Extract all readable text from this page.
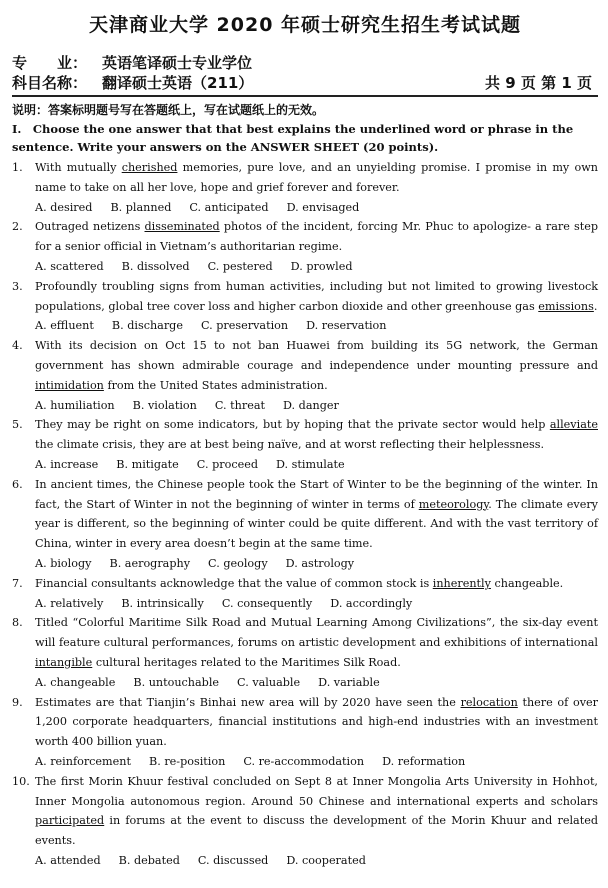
天津商业大学 2020 年硕士研究生招生考试试题
专　　业： 英语笔译硕士专业学位
科目名称： 翻译硕士英语（211）	共 9 页 第 1 页
说明：答案标明题号写在答题纸上，写在试题纸上的无效。
I.　Choose the one answer that that best explains the underlined word or phrase in the sentence. Write your answers on the ANSWER SHEET (20 points).
1.	With mutually cherished memories, pure love, and an unyielding promise. I promise in my own name to take on all her love, hope and grief forever and forever.
A. desired B. planned C. anticipated D. envisaged
2.	Outraged netizens disseminated photos of the incident, forcing Mr. Phuc to apologize- a rare step for a senior official in Vietnam’s authoritarian regime.
A. scattered B. dissolved C. pestered D. prowled
3.	Profoundly troubling signs from human activities, including but not limited to growing livestock populations, global tree cover loss and higher carbon dioxide and other greenhouse gas emissions.
A. effluent B. discharge C. preservation D. reservation
4.	With its decision on Oct 15 to not ban Huawei from building its 5G network, the German government has shown admirable courage and independence under mounting pressure and intimidation from the United States administration.
A. humiliation B. violation C. threat D. danger
5.	They may be right on some indicators, but by hoping that the private sector would help alleviate the climate crisis, they are at best being naïve, and at worst reflecting their helplessness.
A. increase B. mitigate C. proceed D. stimulate
6.	In ancient times, the Chinese people took the Start of Winter to be the beginning of the winter. In fact, the Start of Winter in not the beginning of winter in terms of meteorology. The climate every year is different, so the beginning of winter could be quite different. And with the vast territory of China, winter in every area doesn’t begin at the same time.
A. biology B. aerography C. geology D. astrology
7.	Financial consultants acknowledge that the value of common stock is inherently changeable.
A. relatively B. intrinsically C. consequently D. accordingly
8.	Titled “Colorful Maritime Silk Road and Mutual Learning Among Civilizations”, the six-day event will feature cultural performances, forums on artistic development and exhibitions of international intangible cultural heritages related to the Maritimes Silk Road.
A. changeable B. untouchable C. valuable D. variable
9.	Estimates are that Tianjin’s Binhai new area will by 2020 have seen the relocation there of over 1,200 corporate headquarters, financial institutions and high-end industries with an investment worth 400 billion yuan.
A. reinforcement B. re-position C. re-accommodation D. reformation
10. The first Morin Khuur festival concluded on Sept 8 at Inner Mongolia Arts University in Hohhot, Inner Mongolia autonomous region. Around 50 Chinese and international experts and scholars participated in forums at the event to discuss the development of the Morin Khuur and related events.
A. attended B. debated C. discussed D. cooperated
